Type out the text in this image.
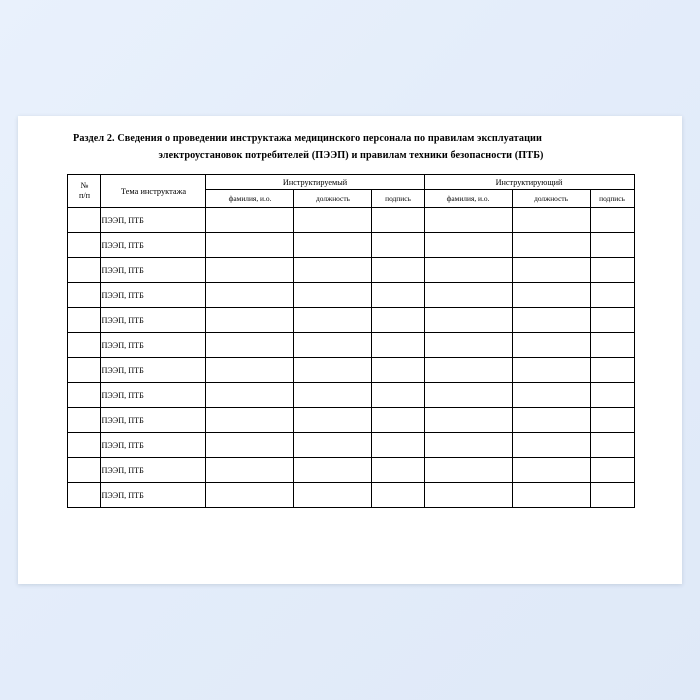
Раздел 2. Сведения о проведении инструктажа медицинского персонала по правилам эксплуатации
электроустановок потребителей (ПЭЭП) и правилам техники безопасности (ПТБ)
№
п/п	Тема инструктажа	Инструктируемый			Инструктирующий		
		фамилия, и.о.	должность	подпись	фамилия, и.о.	должность	подпись
	ПЭЭП, ПТБ						
	ПЭЭП, ПТБ						
	ПЭЭП, ПТБ						
	ПЭЭП, ПТБ						
	ПЭЭП, ПТБ						
	ПЭЭП, ПТБ						
	ПЭЭП, ПТБ						
	ПЭЭП, ПТБ						
	ПЭЭП, ПТБ						
	ПЭЭП, ПТБ						
	ПЭЭП, ПТБ						
	ПЭЭП, ПТБ						
